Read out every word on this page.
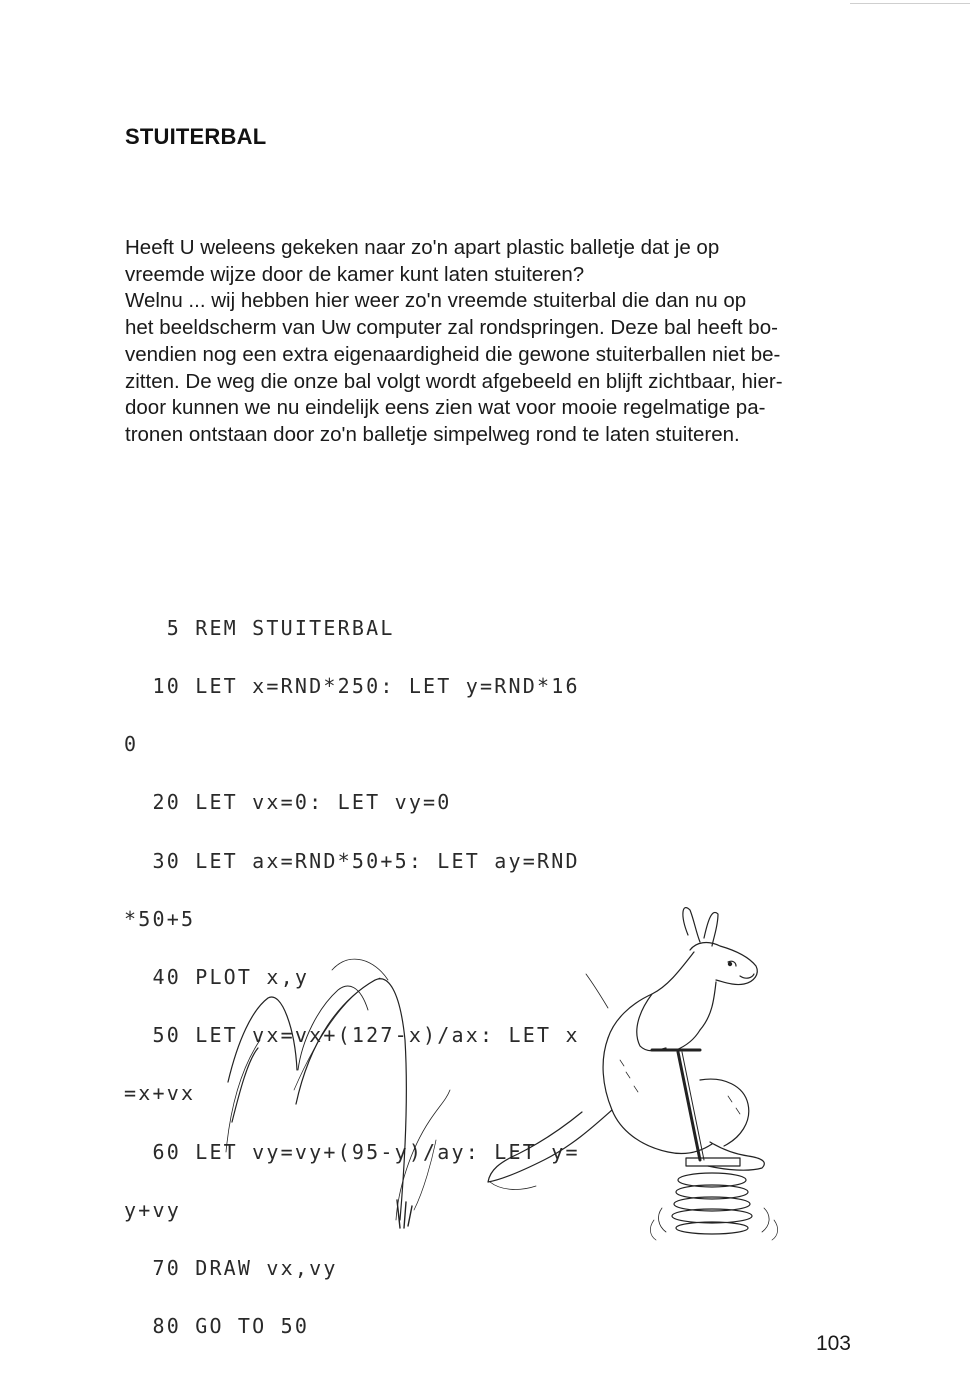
STUITERBAL
Heeft U weleens gekeken naar zo'n apart plastic balletje dat je op
vreemde wijze door de kamer kunt laten stuiteren?
Welnu ... wij hebben hier weer zo'n vreemde stuiterbal die dan nu op
het beeldscherm van Uw computer zal rondspringen. Deze bal heeft bo-
vendien nog een extra eigenaardigheid die gewone stuiterballen niet be-
zitten. De weg die onze bal volgt wordt afgebeeld en blijft zichtbaar, hier-
door kunnen we nu eindelijk eens zien wat voor mooie regelmatige pa-
tronen ontstaan door zo'n balletje simpelweg rond te laten stuiteren.

5 REM STUITERBAL

10 LET x=RND*250: LET y=RND*16

0

20 LET vx=0: LET vy=0

30 LET ax=RND*50+5: LET ay=RND

*50+5

40 PLOT x,y

50 LET vx=vx+(127-x)/ax: LET x

=x+vx

60 LET vy=vy+(95-y)/ay: LET y=

y+vy

70 DRAW vx,vy

80 GO TO 50

103
